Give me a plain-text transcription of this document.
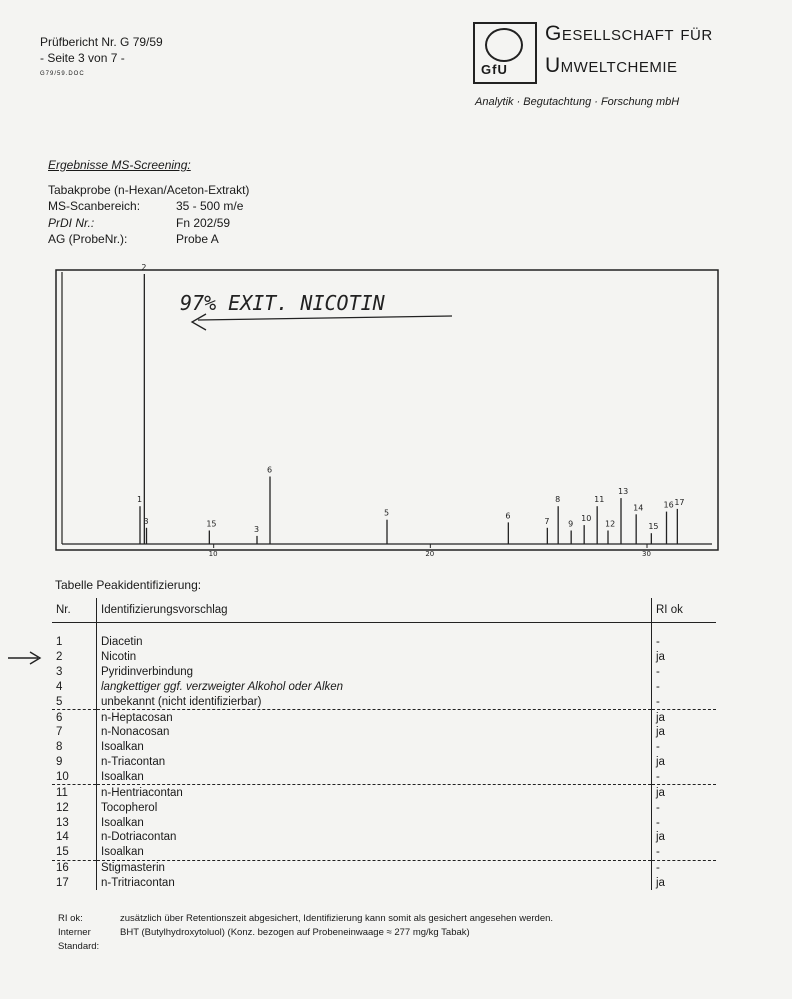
Prüfbericht Nr. G 79/59
- Seite 3 von 7 -
G79/59.DOC	GfU
Gesellschaft für
Umweltchemie
Analytik · Begutachtung · Forschung mbH
Ergebnisse MS-Screening:
Tabakprobe (n-Hexan/Aceton-Extrakt)
MS-Scanbereich:	35 - 500 m/e
PrDI Nr.:	Fn 202/59
AG (ProbeNr.):	Probe A
1
2
3	15
3
6
5	6
7
8
9
10
11
12
13
14
15
16 17
10	20	30
97% EXIT. NICOTIN
Tabelle Peakidentifizierung:
Nr.	Identifizierungsvorschlag	RI ok

1	Diacetin	-
2	Nicotin	ja
3	Pyridinverbindung	-
4	langkettiger ggf. verzweigter Alkohol oder Alken	-
5	unbekannt (nicht identifizierbar)	-
6	n-Heptacosan	ja
7	n-Nonacosan	ja
8	Isoalkan	-
9	n-Triacontan	ja
10	Isoalkan	-
11	n-Hentriacontan	ja
12	Tocopherol	-
13	Isoalkan	-
14	n-Dotriacontan	ja
15	Isoalkan	-
16	Stigmasterin	-
17	n-Tritriacontan	ja
RI ok:	zusätzlich über Retentionszeit abgesichert, Identifizierung kann somit als gesichert angesehen werden.
Interner Standard:
BHT (Butylhydroxytoluol) (Konz. bezogen auf Probeneinwaage ≈ 277 mg/kg Tabak)
